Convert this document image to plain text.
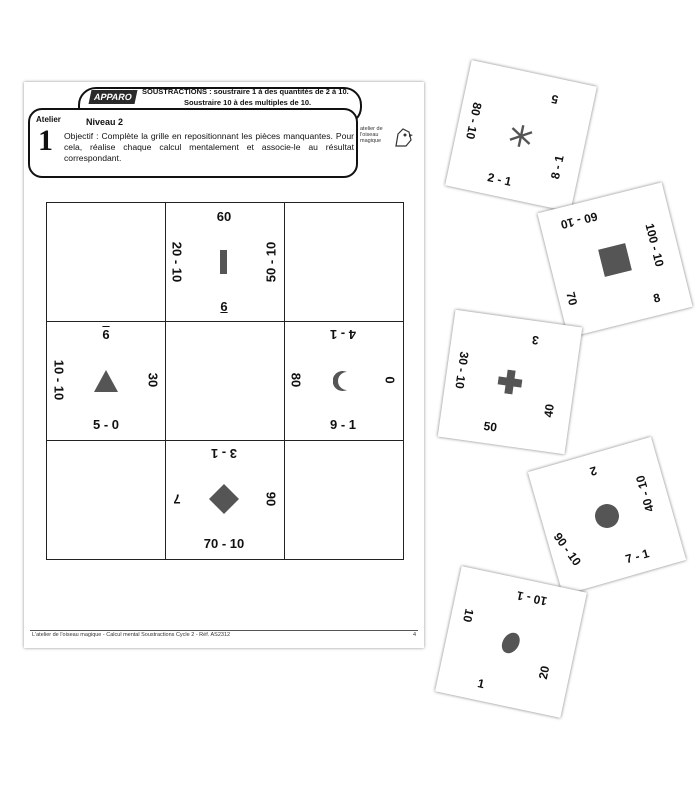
APPARO
SOUSTRACTIONS : soustraire 1 à des quantités de 2 à 10.
Soustraire 10 à des multiples de 10.
Atelier
1
Niveau 2
Objectif : Complète la grille en repositionnant les pièces manquantes. Pour cela, réalise chaque calcul mentalement et associe-le au résultat correspondant.
atelier de l'oiseau magique
60
20 - 10	50 - 10
6
6
10 - 10	30
5 - 0
4 - 1
80	0
9 - 1
3 - 1
7	90
70 - 10
L'atelier de l'oiseau magique - Calcul mental Soustractions Cycle 2 - Réf. AS2312	4
5
80 - 10
8 - 1
2 - 1
60 - 10
70
100 - 10
8
3
30 - 10
40
50
2
90 - 10
40 - 10
7 - 1
10 - 1
10
20
1
